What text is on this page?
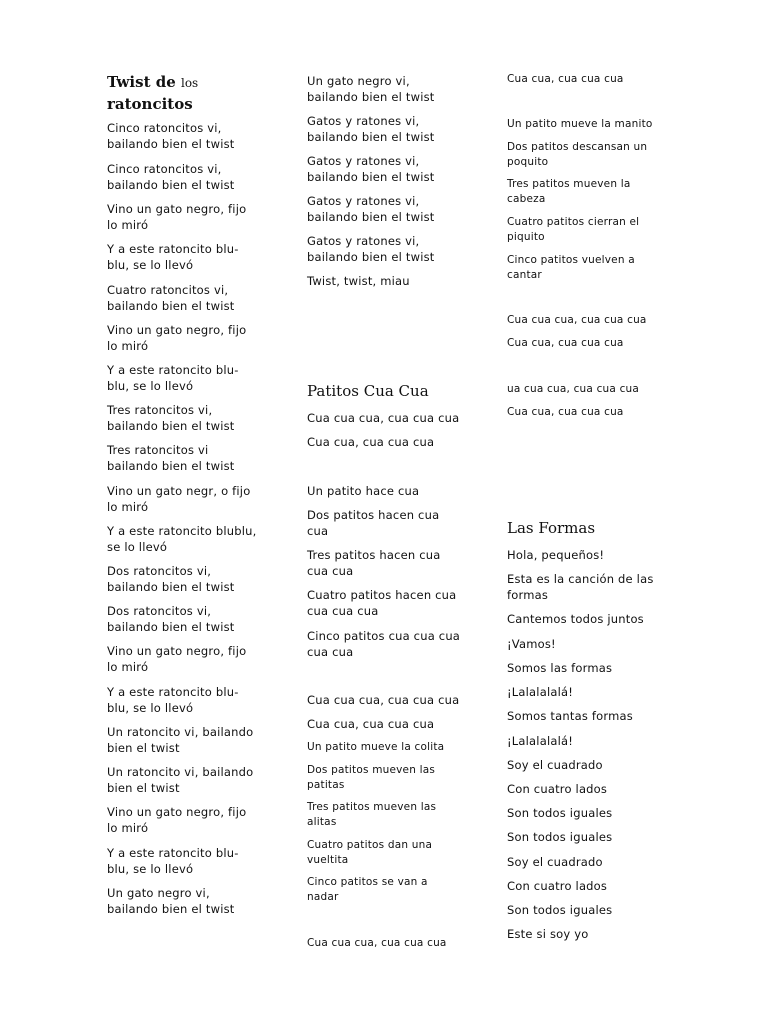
Twist de los
ratoncitos

Cinco ratoncitos vi,
bailando bien el twist

Cinco ratoncitos vi,
bailando bien el twist

Vino un gato negro, fijo
lo miró

Y a este ratoncito blu-
blu, se lo llevó

Cuatro ratoncitos vi,
bailando bien el twist

Vino un gato negro, fijo
lo miró

Y a este ratoncito blu-
blu, se lo llevó

Tres ratoncitos vi,
bailando bien el twist

Tres ratoncitos vi
bailando bien el twist

Vino un gato negr, o fijo
lo miró

Y a este ratoncito blublu,
se lo llevó

Dos ratoncitos vi,
bailando bien el twist

Dos ratoncitos vi,
bailando bien el twist

Vino un gato negro, fijo
lo miró

Y a este ratoncito blu-
blu, se lo llevó

Un ratoncito vi, bailando
bien el twist

Un ratoncito vi, bailando
bien el twist

Vino un gato negro, fijo
lo miró

Y a este ratoncito blu-
blu, se lo llevó

Un gato negro vi,
bailando bien el twist

Un gato negro vi,
bailando bien el twist

Gatos y ratones vi,
bailando bien el twist

Gatos y ratones vi,
bailando bien el twist

Gatos y ratones vi,
bailando bien el twist

Gatos y ratones vi,
bailando bien el twist

Twist, twist, miau

Patitos Cua Cua

Cua cua cua, cua cua cua

Cua cua, cua cua cua

Un patito hace cua

Dos patitos hacen cua
cua

Tres patitos hacen cua
cua cua

Cuatro patitos hacen cua
cua cua cua

Cinco patitos cua cua cua
cua cua

Cua cua cua, cua cua cua

Cua cua, cua cua cua

Un patito mueve la colita

Dos patitos mueven las
patitas

Tres patitos mueven las
alitas

Cuatro patitos dan una
vueltita

Cinco patitos se van a
nadar

Cua cua cua, cua cua cua

Cua cua, cua cua cua

Un patito mueve la manito

Dos patitos descansan un
poquito

Tres patitos mueven la
cabeza

Cuatro patitos cierran el
piquito

Cinco patitos vuelven a
cantar

Cua cua cua, cua cua cua

Cua cua, cua cua cua

ua cua cua, cua cua cua

Cua cua, cua cua cua

Las Formas

Hola, pequeños!

Esta es la canción de las
formas

Cantemos todos juntos

¡Vamos!

Somos las formas

¡Lalalalalá!

Somos tantas formas

¡Lalalalalá!

Soy el cuadrado

Con cuatro lados

Son todos iguales

Son todos iguales

Soy el cuadrado

Con cuatro lados

Son todos iguales

Este si soy yo
